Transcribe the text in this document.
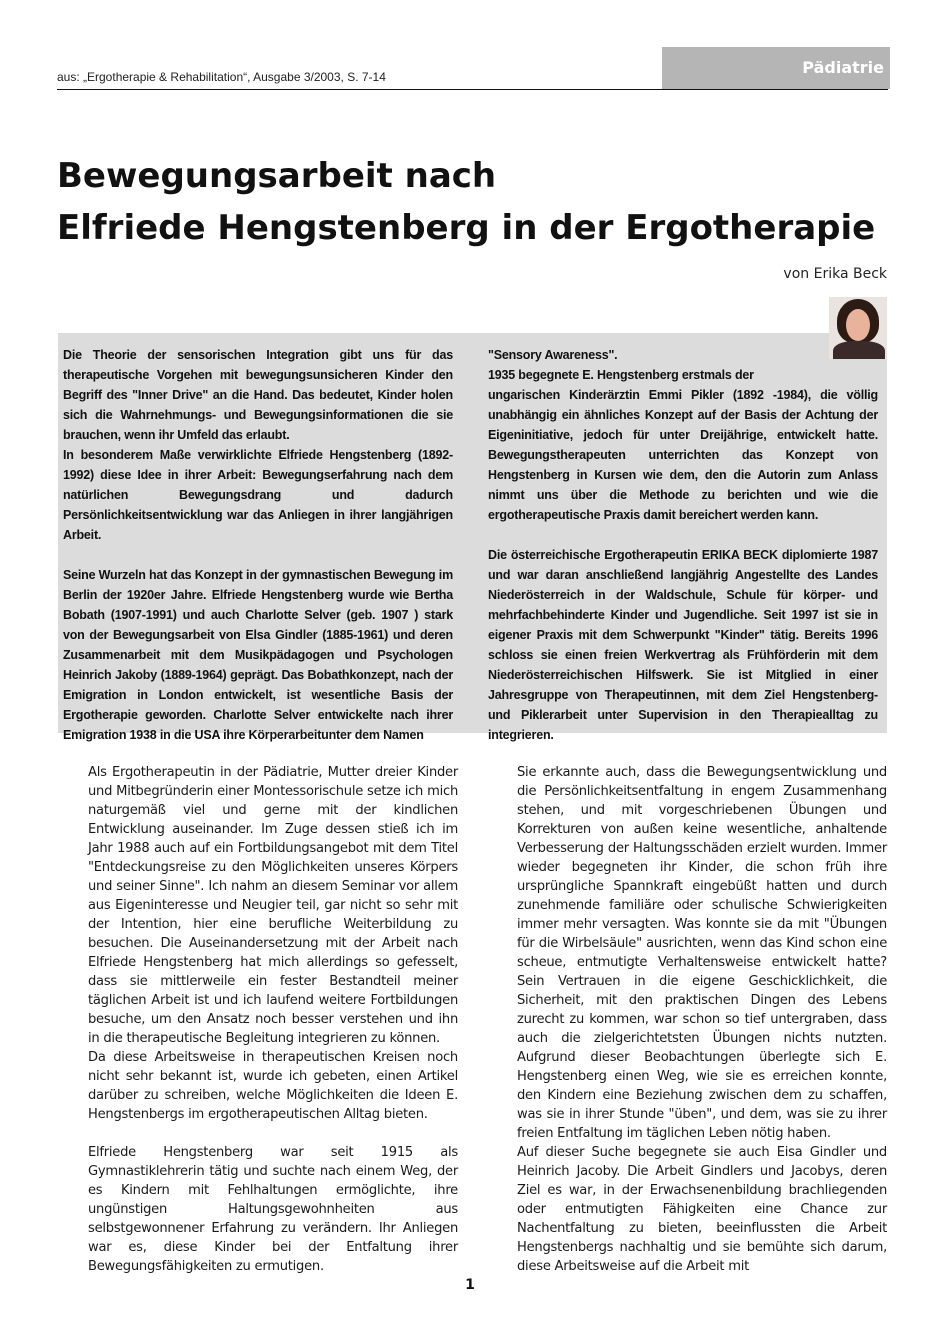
aus: „Ergotherapie & Rehabilitation“, Ausgabe 3/2003, S. 7-14	Pädiatrie
Bewegungsarbeit nach
Elfriede Hengstenberg in der Ergotherapie
von Erika Beck

Die Theorie der sensorischen Integration gibt uns für das therapeutische Vorgehen mit bewegungsunsicheren Kinder den Begriff des "Inner Drive" an die Hand. Das bedeutet, Kinder holen sich die Wahrnehmungs- und Bewegungsinformationen die sie brauchen, wenn ihr Umfeld das erlaubt.

In besonderem Maße verwirklichte Elfriede Hengstenberg (1892-1992) diese Idee in ihrer Arbeit: Bewegungserfahrung nach dem natürlichen Bewegungsdrang und dadurch Persönlichkeitsentwicklung war das Anliegen in ihrer langjährigen Arbeit.

Seine Wurzeln hat das Konzept in der gymnastischen Bewegung im Berlin der 1920er Jahre. Elfriede Hengstenberg wurde wie Bertha Bobath (1907-1991) und auch Charlotte Selver (geb. 1907 ) stark von der Bewegungsarbeit von Elsa Gindler (1885-1961) und deren Zusammenarbeit mit dem Musikpädagogen und Psychologen Heinrich Jakoby (1889-1964) geprägt. Das Bobathkonzept, nach der Emigration in London entwickelt, ist wesentliche Basis der Ergotherapie geworden. Charlotte Selver entwickelte nach ihrer Emigration 1938 in die USA ihre Körperarbeitunter dem Namen

"Sensory Awareness".

1935 begegnete E. Hengstenberg erstmals der

ungarischen Kinderärztin Emmi Pikler (1892 -1984), die völlig unabhängig ein ähnliches Konzept auf der Basis der Achtung der Eigeninitiative, jedoch für unter Dreijährige, entwickelt hatte. Bewegungstherapeuten unterrichten das Konzept von Hengstenberg in Kursen wie dem, den die Autorin zum Anlass nimmt uns über die Methode zu berichten und wie die ergotherapeutische Praxis damit bereichert werden kann.

Die österreichische Ergotherapeutin ERIKA BECK diplomierte 1987 und war daran anschließend langjährig Angestellte des Landes Niederösterreich in der Waldschule, Schule für körper- und mehrfachbehinderte Kinder und Jugendliche. Seit 1997 ist sie in eigener Praxis mit dem Schwerpunkt "Kinder" tätig. Bereits 1996 schloss sie einen freien Werkvertrag als Frühförderin mit dem Niederösterreichischen Hilfswerk. Sie ist Mitglied in einer Jahresgruppe von Therapeutinnen, mit dem Ziel Hengstenberg- und Piklerarbeit unter Supervision in den Therapiealltag zu integrieren.

Als Ergotherapeutin in der Pädiatrie, Mutter dreier Kinder und Mitbegründerin einer Montessorischule setze ich mich naturgemäß viel und gerne mit der kindlichen Entwicklung auseinander. Im Zuge dessen stieß ich im Jahr 1988 auch auf ein Fortbildungsangebot mit dem Titel "Entdeckungsreise zu den Möglichkeiten unseres Körpers und seiner Sinne". Ich nahm an diesem Seminar vor allem aus Eigeninteresse und Neugier teil, gar nicht so sehr mit der Intention, hier eine berufliche Weiterbildung zu besuchen. Die Auseinandersetzung mit der Arbeit nach Elfriede Hengstenberg hat mich allerdings so gefesselt, dass sie mittlerweile ein fester Bestandteil meiner täglichen Arbeit ist und ich laufend weitere Fortbildungen besuche, um den Ansatz noch besser verstehen und ihn in die therapeutische Begleitung integrieren zu können.

Da diese Arbeitsweise in therapeutischen Kreisen noch nicht sehr bekannt ist, wurde ich gebeten, einen Artikel darüber zu schreiben, welche Möglichkeiten die Ideen E. Hengstenbergs im ergotherapeutischen Alltag bieten.

Elfriede Hengstenberg war seit 1915 als Gymnastiklehrerin tätig und suchte nach einem Weg, der es Kindern mit Fehlhaltungen ermöglichte, ihre ungünstigen Haltungsgewohnheiten aus selbstgewonnener Erfahrung zu verändern. Ihr Anliegen war es, diese Kinder bei der Entfaltung ihrer Bewegungsfähigkeiten zu ermutigen.

Sie erkannte auch, dass die Bewegungsentwicklung und die Persönlichkeitsentfaltung in engem Zusammenhang stehen, und mit vorgeschriebenen Übungen und Korrekturen von außen keine wesentliche, anhaltende Verbesserung der Haltungsschäden erzielt wurden. Immer wieder begegneten ihr Kinder, die schon früh ihre ursprüngliche Spannkraft eingebüßt hatten und durch zunehmende familiäre oder schulische Schwierigkeiten immer mehr versagten. Was konnte sie da mit "Übungen für die Wirbelsäule" ausrichten, wenn das Kind schon eine scheue, entmutigte Verhaltensweise entwickelt hatte? Sein Vertrauen in die eigene Geschicklichkeit, die Sicherheit, mit den praktischen Dingen des Lebens zurecht zu kommen, war schon so tief untergraben, dass auch die zielgerichtetsten Übungen nichts nutzten. Aufgrund dieser Beobachtungen überlegte sich E. Hengstenberg einen Weg, wie sie es erreichen konnte, den Kindern eine Beziehung zwischen dem zu schaffen, was sie in ihrer Stunde "üben", und dem, was sie zu ihrer freien Entfaltung im täglichen Leben nötig haben.

Auf dieser Suche begegnete sie auch Eisa Gindler und Heinrich Jacoby. Die Arbeit Gindlers und Jacobys, deren Ziel es war, in der Erwachsenenbildung brachliegenden oder entmutigten Fähigkeiten eine Chance zur Nachentfaltung zu bieten, beeinflussten die Arbeit Hengstenbergs nachhaltig und sie bemühte sich darum, diese Arbeitsweise auf die Arbeit mit

1
